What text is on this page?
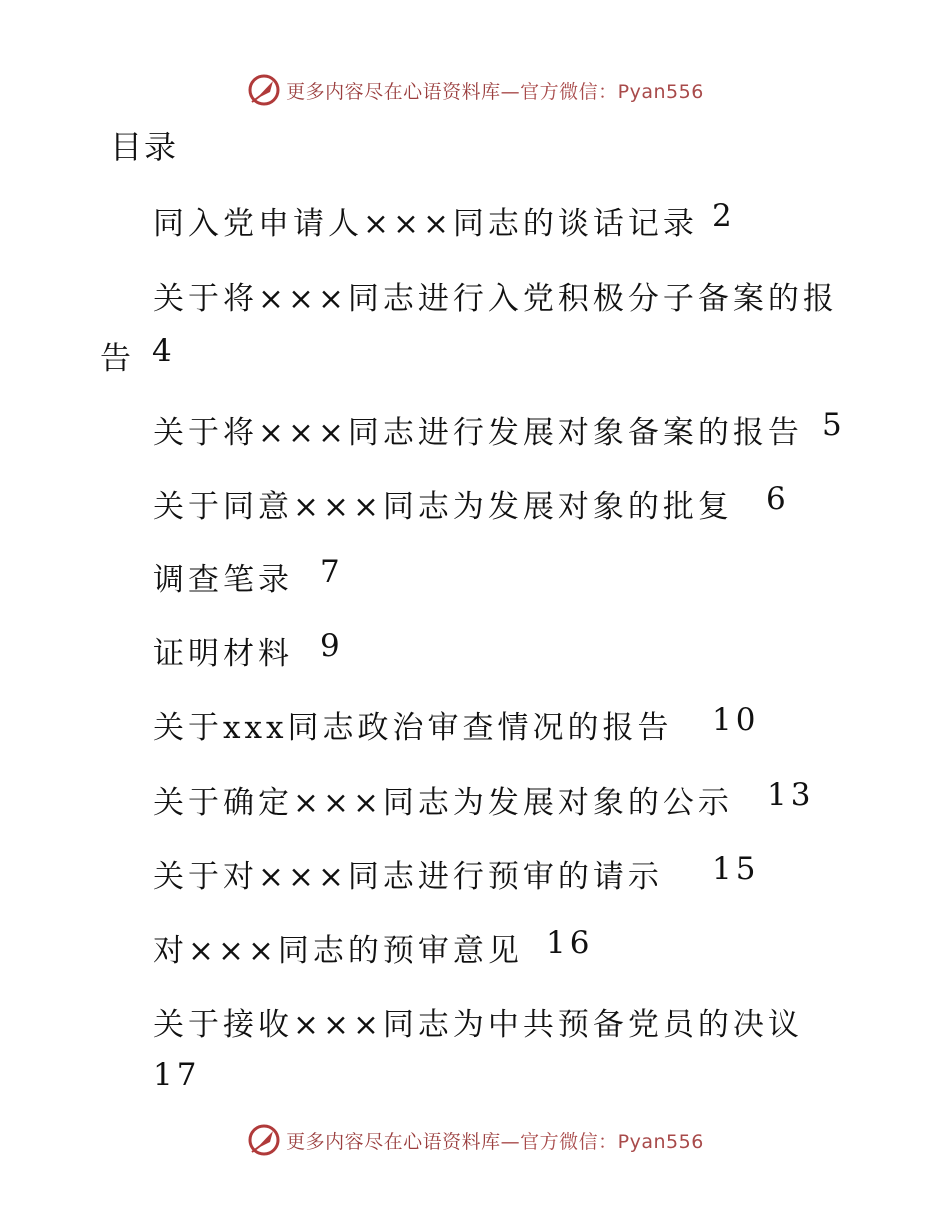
更多内容尽在心语资料库 —官方微信：Pyan556
目录
同入党申请人×××同志的谈话记录 2
关于将×××同志进行入党积极分子备案的报
告 4
关于将×××同志进行发展对象备案的报告 5
关于同意×××同志为发展对象的批复 6
调查笔录 7
证明材料 9
关于xxx同志政治审查情况的报告 10
关于确定×××同志为发展对象的公示 13
关于对×××同志进行预审的请示 15
对×××同志的预审意见 16
关于接收×××同志为中共预备党员的决议
17
更多内容尽在心语资料库 —官方微信：Pyan556
